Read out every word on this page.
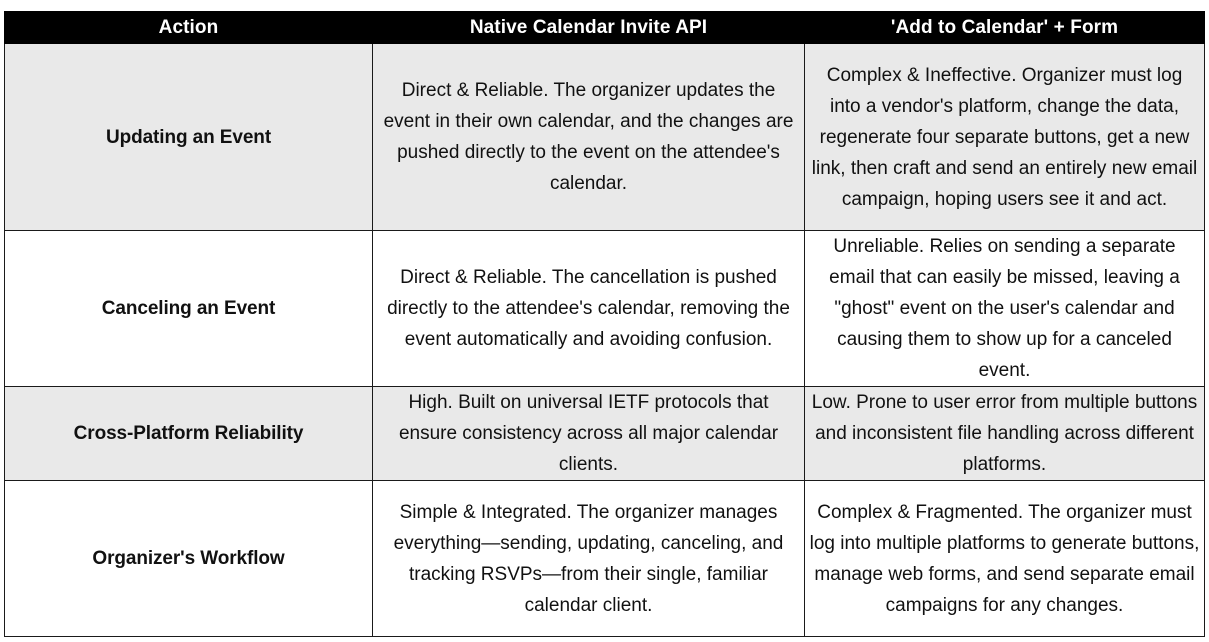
Action	Native Calendar Invite API	'Add to Calendar' + Form
Updating an Event	Direct & Reliable. The organizer updates the event in their own calendar, and the changes are pushed directly to the event on the attendee's calendar.	Complex & Ineffective. Organizer must log into a vendor's platform, change the data, regenerate four separate buttons, get a new link, then craft and send an entirely new email campaign, hoping users see it and act.
Canceling an Event	Direct & Reliable. The cancellation is pushed directly to the attendee's calendar, removing the event automatically and avoiding confusion.	Unreliable. Relies on sending a separate email that can easily be missed, leaving a "ghost" event on the user's calendar and causing them to show up for a canceled event.
Cross-Platform Reliability	High. Built on universal IETF protocols that ensure consistency across all major calendar clients.	Low. Prone to user error from multiple buttons and inconsistent file handling across different platforms.
Organizer's Workflow	Simple & Integrated. The organizer manages everything—sending, updating, canceling, and tracking RSVPs—from their single, familiar calendar client.	Complex & Fragmented. The organizer must log into multiple platforms to generate buttons, manage web forms, and send separate email campaigns for any changes.
